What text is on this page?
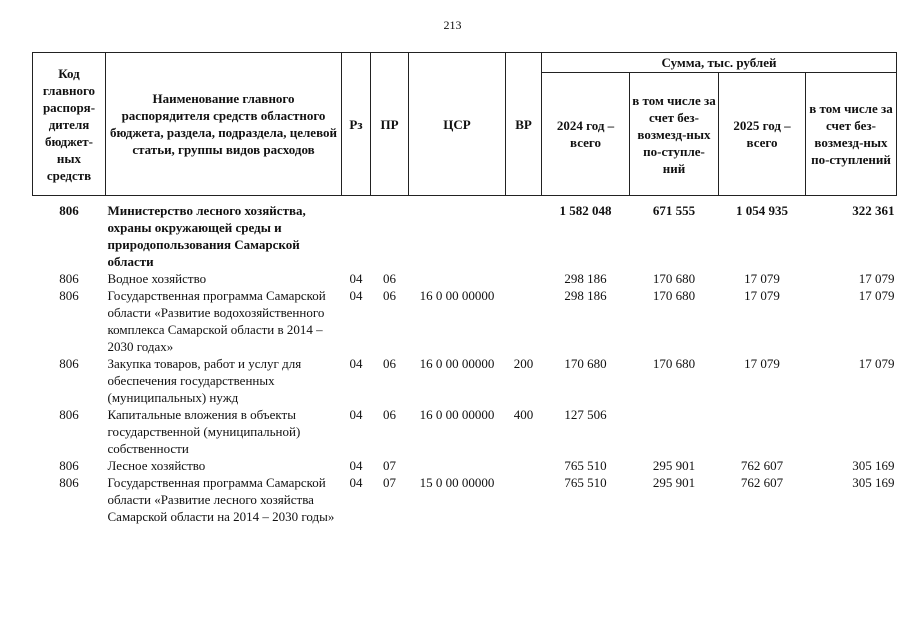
213
Код главного распоря-дителя бюджет-ных средств	Наименование главного распорядителя средств областного бюджета, раздела, подраздела, целевой статьи, группы видов расходов	Рз	ПР	ЦСР	ВР	Сумма, тыс. рублей			
						2024 год – всего	в том числе за счет без-возмезд-ных по-ступле-ний	2025 год – всего	в том числе за счет без-возмезд-ных по-ступлений

806	Министерство лесного хозяйства, охраны окружающей среды и природопользования Самарской области					1 582 048	671 555	1 054 935	322 361
806	Водное хозяйство	04	06			298 186	170 680	17 079	17 079
806	Государственная программа Самарской области «Развитие водохозяйственного комплекса Самарской области в 2014 – 2030 годах»	04	06	16 0 00 00000		298 186	170 680	17 079	17 079
806	Закупка товаров, работ и услуг для обеспечения государственных (муниципальных) нужд	04	06	16 0 00 00000	200	170 680	170 680	17 079	17 079
806	Капитальные вложения в объекты государственной (муниципальной) собственности	04	06	16 0 00 00000	400	127 506			
806	Лесное хозяйство	04	07			765 510	295 901	762 607	305 169
806	Государственная программа Самарской области «Развитие лесного хозяйства Самарской области на 2014 – 2030 годы»	04	07	15 0 00 00000		765 510	295 901	762 607	305 169
